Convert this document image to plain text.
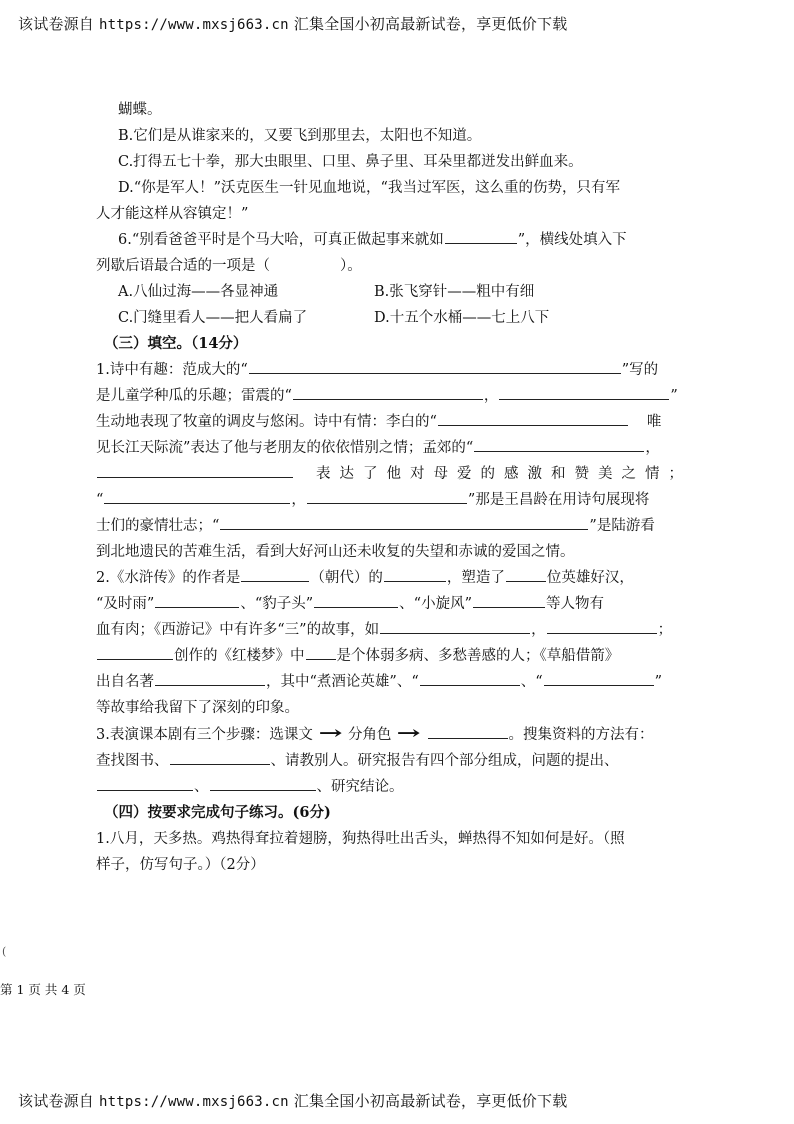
该试卷源自 https://www.mxsj663.cn 汇集全国小初高最新试卷，享更低价下载
蝴蝶。
B.它们是从谁家来的，又要飞到那里去，太阳也不知道。
C.打得五七十拳，那大虫眼里、口里、鼻子里、耳朵里都迸发出鲜血来。
D.“你是军人！”沃克医生一针见血地说，“我当过军医，这么重的伤势，只有军
人才能这样从容镇定！”
6.“别看爸爸平时是个马大哈，可真正做起事来就如	”，横线处填入下
列歇后语最合适的一项是（	）。
A.八仙过海——各显神通	B.张飞穿针——粗中有细
C.门缝里看人——把人看扁了	D.十五个水桶——七上八下
（三）填空。（14分）
1.诗中有趣：范成大的“	”写的
是儿童学种瓜的乐趣；雷震的“	，	”
生动地表现了牧童的调皮与悠闲。诗中有情：李白的“	唯
见长江天际流”表达了他与老朋友的依依惜别之情；孟郊的“	，
表达了他对母爱的感激和赞美之情；
“	，	”那是王昌龄在用诗句展现将
士们的豪情壮志；“	”是陆游看
到北地遗民的苦难生活，看到大好河山还未收复的失望和赤诚的爱国之情。
2.《水浒传》的作者是	（朝代）的	，塑造了	位英雄好汉，
“及时雨”	、“豹子头”	、“小旋风”	等人物有
血有肉；《西游记》中有许多“三”的故事，如	，	；
创作的《红楼梦》中 是个体弱多病、多愁善感的人；《草船借箭》
出自名著	，其中“煮酒论英雄”、“	、“	”
等故事给我留下了深刻的印象。
3.表演课本剧有三个步骤：选课文 → 分角色 →	。搜集资料的方法有：
查找图书、	、请教别人。研究报告有四个部分组成，问题的提出、
、	、研究结论。
（四）按要求完成句子练习。(6分)
1.八月，天多热。鸡热得耷拉着翅膀，狗热得吐出舌头，蝉热得不知如何是好。（照
样子，仿写句子。）（2分）
(
第 1 页 共 4 页
该试卷源自 https://www.mxsj663.cn 汇集全国小初高最新试卷，享更低价下载
